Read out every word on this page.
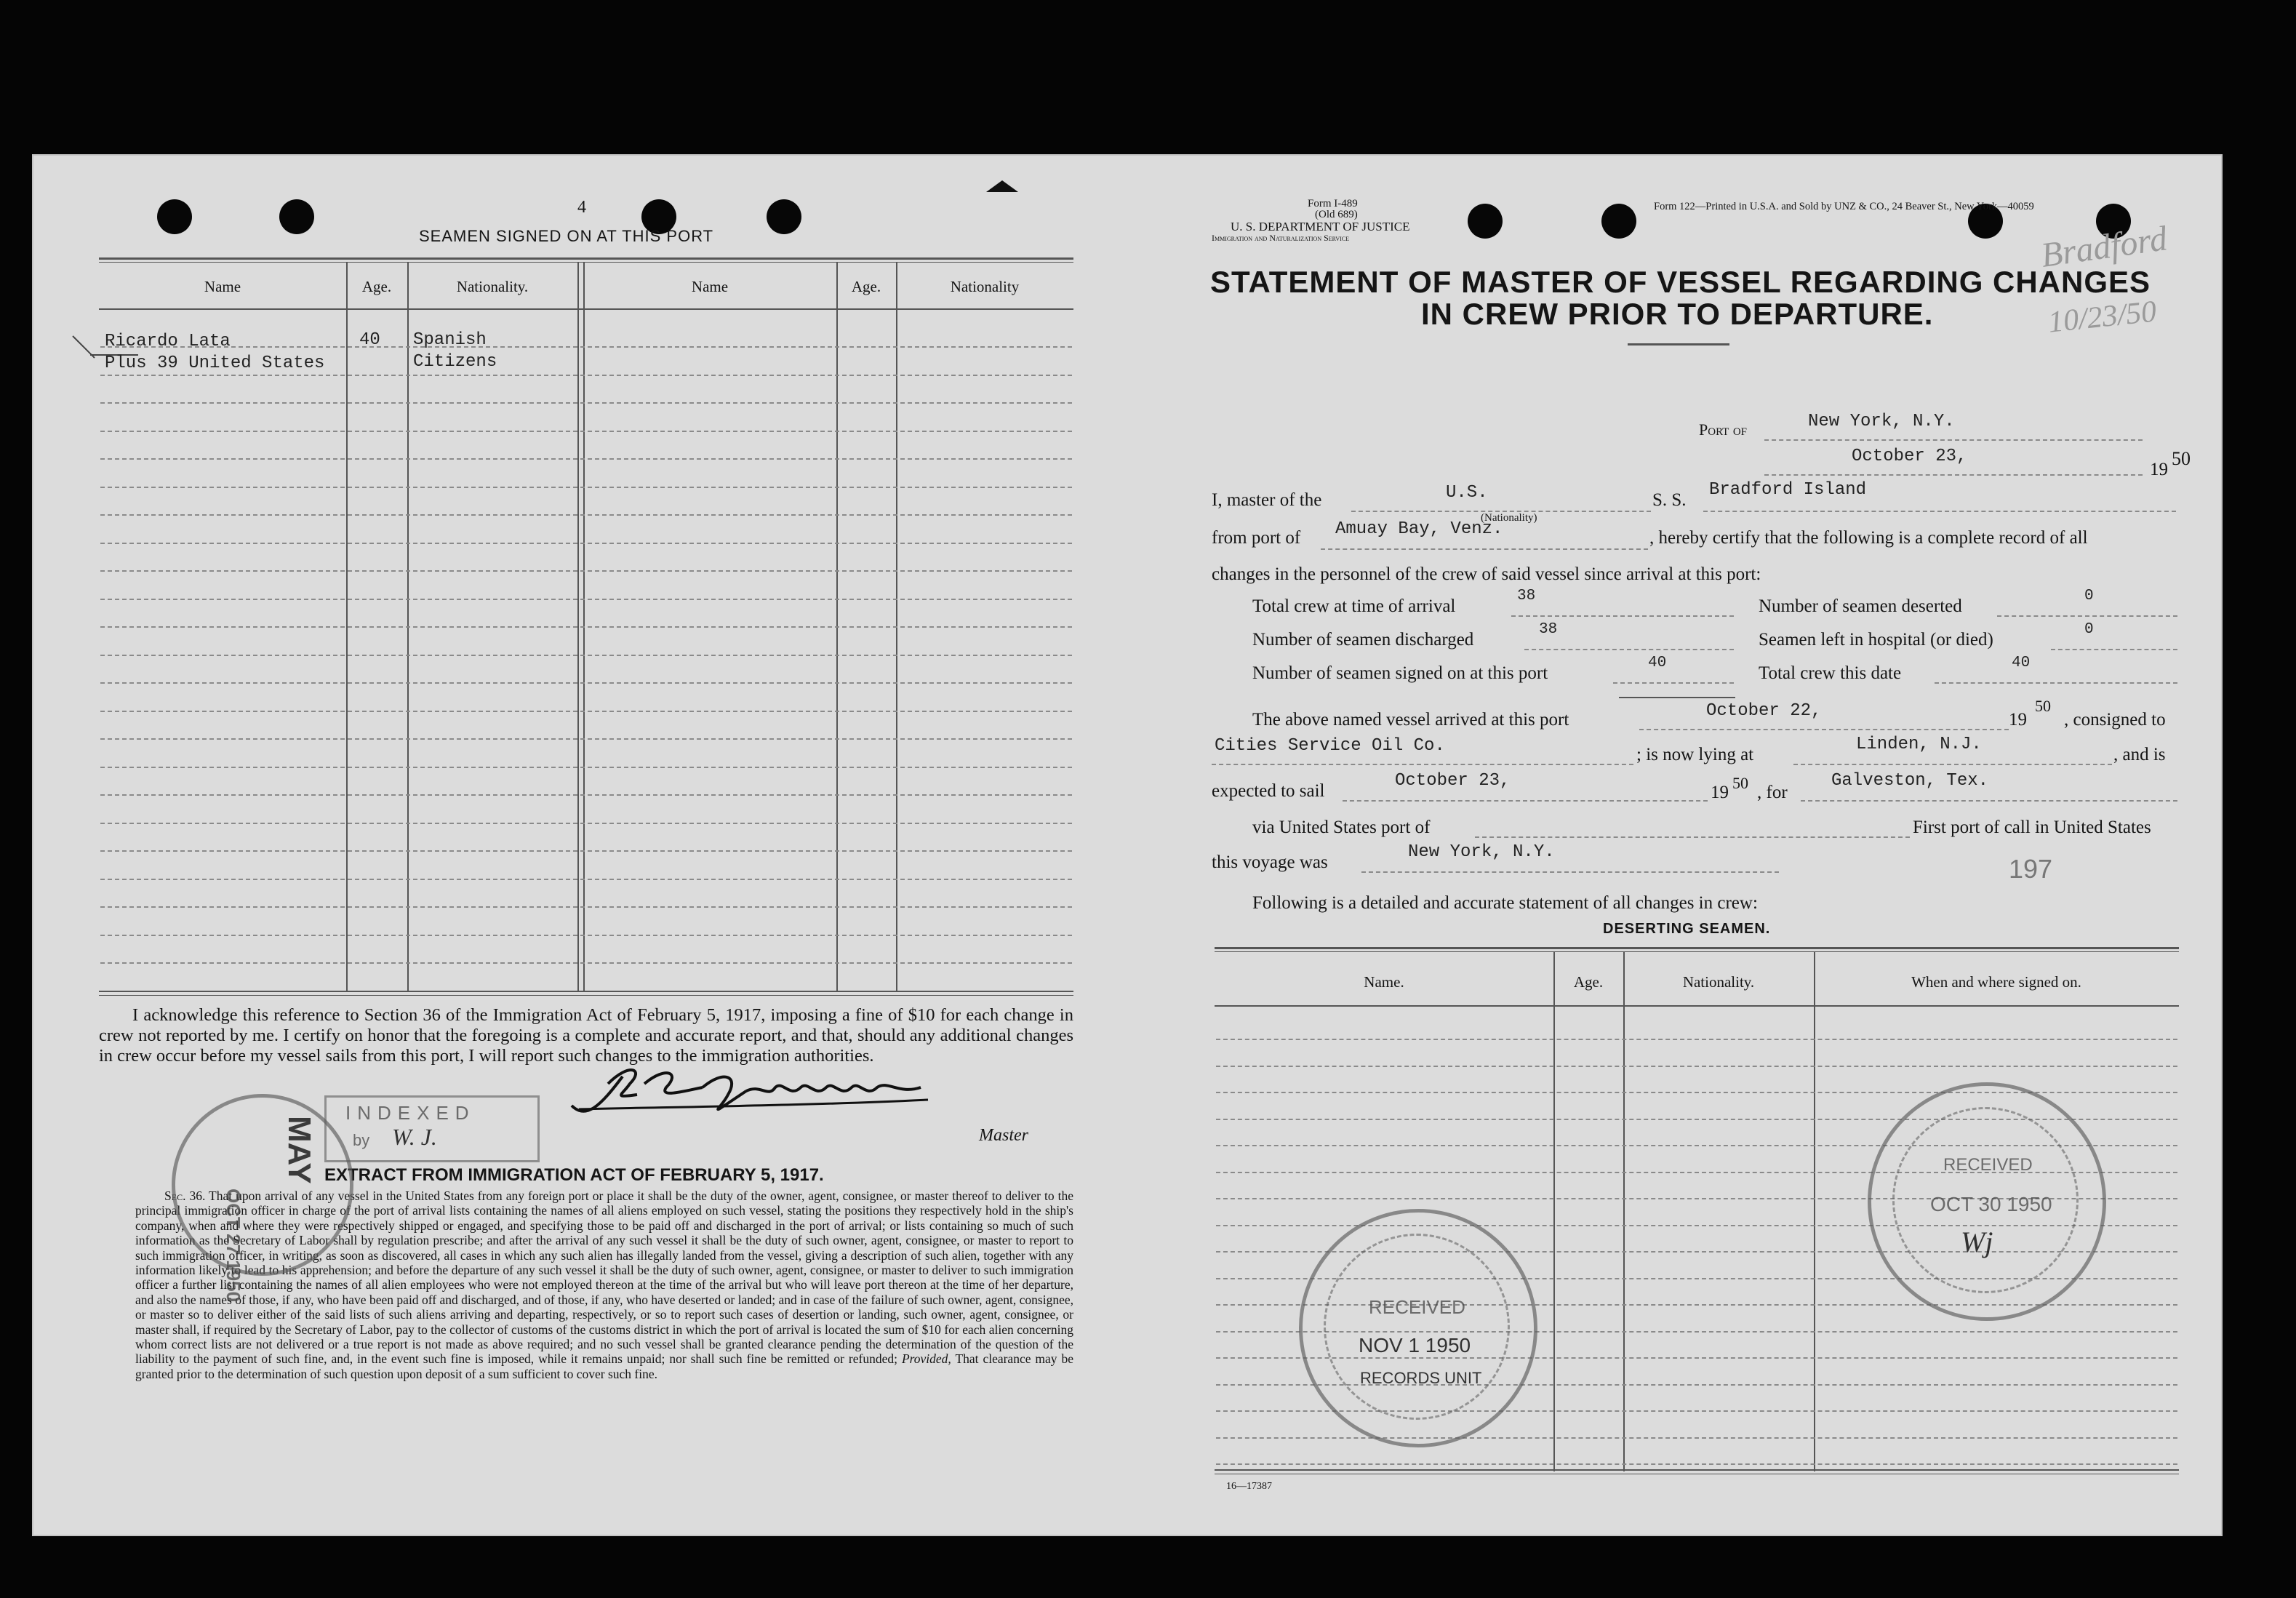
4
SEAMEN SIGNED ON AT THIS PORT
Name	Age.	Nationality.	Name	Age.	Nationality
Ricardo Lata	40 Spanish
Plus 39 United States	Citizens
I acknowledge this reference to Section 36 of the Immigration Act of February 5, 1917, imposing a fine of $10 for each change in crew not reported by me. I certify on honor that the foregoing is a complete and accurate report, and that, should any additional changes in crew occur before my vessel sails from this port, I will report such changes to the immigration authorities.
Master
EXTRACT FROM IMMIGRATION ACT OF FEBRUARY 5, 1917.
Sec. 36. That upon arrival of any vessel in the United States from any foreign port or place it shall be the duty of the owner, agent, consignee, or master thereof to deliver to the principal immigration officer in charge of the port of arrival lists containing the names of all aliens employed on such vessel, stating the positions they respectively hold in the ship's company, when and where they were respectively shipped or engaged, and specifying those to be paid off and discharged in the port of arrival; or lists containing so much of such information as the Secretary of Labor shall by regulation prescribe; and after the arrival of any such vessel it shall be the duty of such owner, agent, consignee, or master to report to such immigration officer, in writing, as soon as discovered, all cases in which any such alien has illegally landed from the vessel, giving a description of such alien, together with any information likely to lead to his apprehension; and before the departure of any such vessel it shall be the duty of such owner, agent, consignee, or master to deliver to such immigration officer a further list containing the names of all alien employees who were not employed thereon at the time of the arrival but who will leave port thereon at the time of her departure, and also the names of those, if any, who have been paid off and discharged, and of those, if any, who have deserted or landed; and in case of the failure of such owner, agent, consignee, or master so to deliver either of the said lists of such aliens arriving and departing, respectively, or so to report such cases of desertion or landing, such owner, agent, consignee, or master shall, if required by the Secretary of Labor, pay to the collector of customs of the customs district in which the port of arrival is located the sum of $10 for each alien concerning whom correct lists are not delivered or a true report is not made as above required; and no such vessel shall be granted clearance pending the determination of the question of the liability to the payment of such fine, and, in the event such fine is imposed, while it remains unpaid; nor shall such fine be remitted or refunded; Provided, That clearance may be granted prior to the determination of such question upon deposit of a sum sufficient to cover such fine.
INDEXED
by W. J.
OCT 27 1950
MAY
Form I-489
(Old 689)
U. S. DEPARTMENT OF JUSTICE
Immigration and Naturalization Service
Form 122—Printed in U.S.A. and Sold by UNZ & CO., 24 Beaver St., New York—40059
STATEMENT OF MASTER OF VESSEL REGARDING CHANGES
IN CREW PRIOR TO DEPARTURE.
Bradford
10/23/50
Port of	New York, N.Y.
October 23,
19
50
I, master of the	U.S.
(Nationality)
S. S.
Bradford Island
from port of Amuay Bay, Venz.	, hereby certify that the following is a complete record of all
changes in the personnel of the crew of said vessel since arrival at this port:
Total crew at time of arrival
38
Number of seamen deserted
0
Number of seamen discharged
38
Seamen left in hospital (or died)
0
Number of seamen signed on at this port
40
Total crew this date
40
The above named vessel arrived at this port	October 22,	19
50
, consigned to
Cities Service Oil Co.	; is now lying at
Linden, N.J.
, and is
expected to sail
October 23,
19 50 , for
Galveston, Tex.
via United States port of	First port of call in United States
this voyage was
New York, N.Y.
197
Following is a detailed and accurate statement of all changes in crew:
DESERTING SEAMEN.
Name.	Age.	Nationality.	When and where signed on.
16—17387
RECEIVED
NOV 1 1950
RECORDS UNIT
RECEIVED
OCT 30 1950
Wj
